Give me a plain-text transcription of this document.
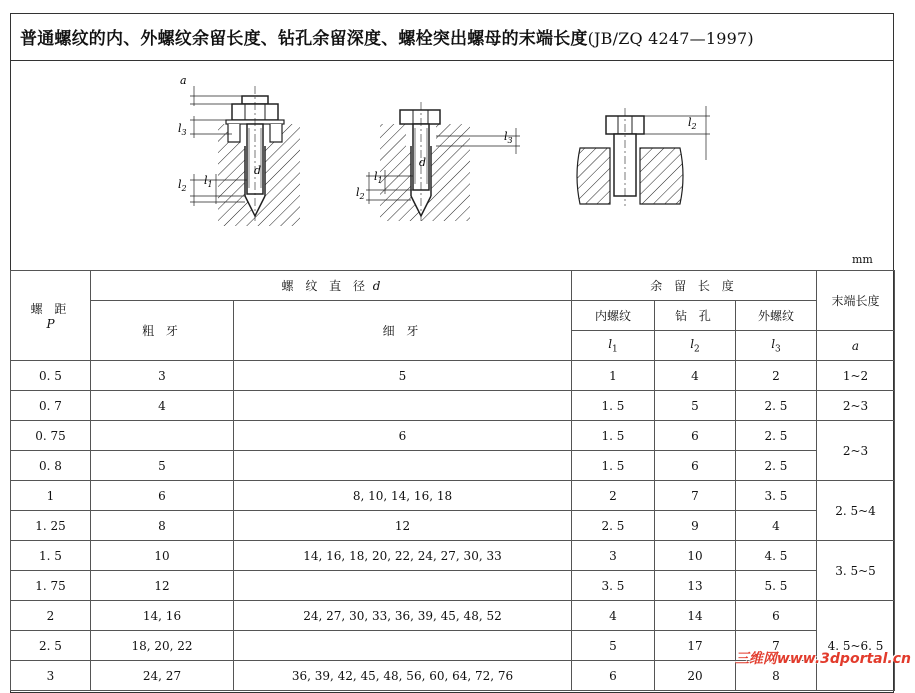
普通螺纹的内、外螺纹余留长度、钻孔余留深度、螺栓突出螺母的末端长度(JB/ZQ 4247—1997)
a
$l_3$
$l_2$
$l_1$
d
$l_3$
$l_2$
$l_1$
d
$l_2$
mm
螺 距
P	螺 纹 直 径 d		余 留 长 度			末端长度
	粗 牙	细 牙	内螺纹	钻 孔	外螺纹	
			$l_1$	$l_2$	$l_3$	a
0. 5	3	5	1	4	2	1~2
0. 7	4		1. 5	5	2. 5	2~3
0. 75		6	1. 5	6	2. 5	2~3
0. 8	5		1. 5	6	2. 5	
1	6	8, 10, 14, 16, 18	2	7	3. 5	2. 5~4
1. 25	8	12	2. 5	9	4	
1. 5	10	14, 16, 18, 20, 22, 24, 27, 30, 33	3	10	4. 5	3. 5~5
1. 75	12		3. 5	13	5. 5	
2	14, 16	24, 27, 30, 33, 36, 39, 45, 48, 52	4	14	6	4. 5~6. 5
2. 5	18, 20, 22		5	17	7	
3	24, 27	36, 39, 42, 45, 48, 56, 60, 64, 72, 76	6	20	8	
三维网www.3dportal.cn
